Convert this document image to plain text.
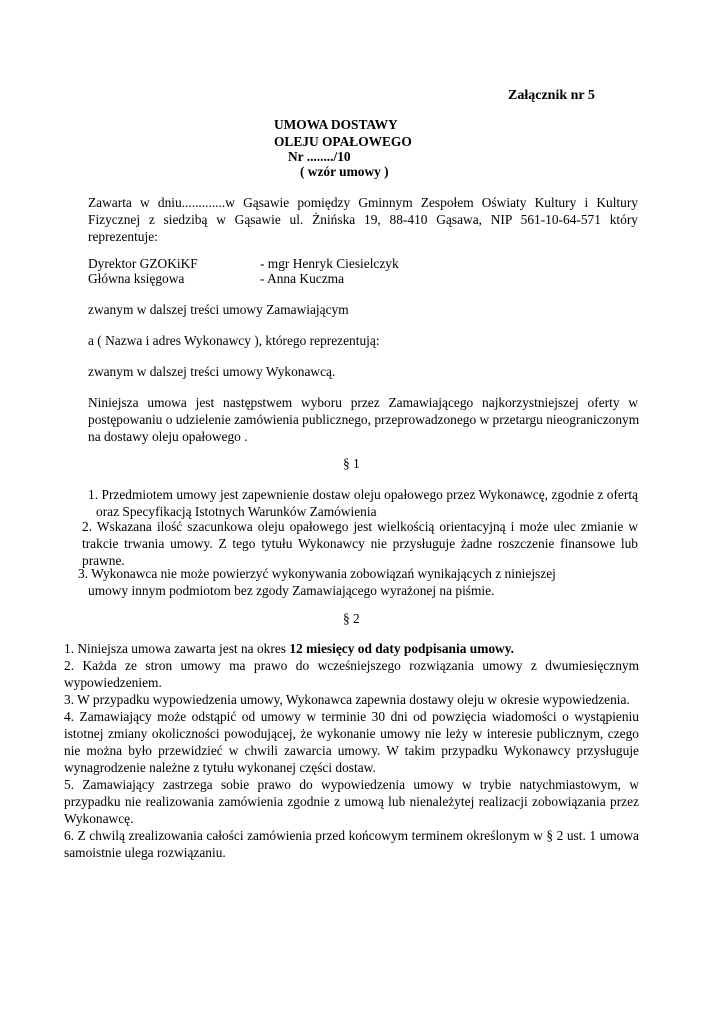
Załącznik nr 5
UMOWA DOSTAWY
OLEJU OPAŁOWEGO
Nr ......../10
( wzór umowy )
Zawarta w dniu.............w Gąsawie pomiędzy Gminnym Zespołem Oświaty Kultury i Kultury
Fizycznej z siedzibą w Gąsawie ul. Żnińska 19, 88-410 Gąsawa, NIP 561-10-64-571 który
reprezentuje:
Dyrektor GZOKiKF	- mgr Henryk Ciesielczyk
Główna księgowa	- Anna Kuczma
zwanym w dalszej treści umowy Zamawiającym
a ( Nazwa i adres Wykonawcy ), którego reprezentują:
zwanym w dalszej treści umowy Wykonawcą.
Niniejsza umowa jest następstwem wyboru przez Zamawiającego najkorzystniejszej oferty w
postępowaniu o udzielenie zamówienia publicznego, przeprowadzonego w przetargu nieograniczonym
na dostawy oleju opałowego .
§ 1
1. Przedmiotem umowy jest zapewnienie dostaw oleju opałowego przez Wykonawcę, zgodnie z ofertą
oraz Specyfikacją Istotnych Warunków Zamówienia
2. Wskazana ilość szacunkowa oleju opałowego jest wielkością orientacyjną i może ulec zmianie w
trakcie trwania umowy. Z tego tytułu Wykonawcy nie przysługuje żadne roszczenie finansowe lub
prawne.
3. Wykonawca nie może powierzyć wykonywania zobowiązań wynikających z niniejszej
umowy innym podmiotom bez zgody Zamawiającego wyrażonej na piśmie.
§ 2
1. Niniejsza umowa zawarta jest na okres 12 miesięcy od daty podpisania umowy.
2. Każda ze stron umowy ma prawo do wcześniejszego rozwiązania umowy z dwumiesięcznym
wypowiedzeniem.
3. W przypadku wypowiedzenia umowy, Wykonawca zapewnia dostawy oleju w okresie wypowiedzenia.
4. Zamawiający może odstąpić od umowy w terminie 30 dni od powzięcia wiadomości o wystąpieniu
istotnej zmiany okoliczności powodującej, że wykonanie umowy nie leży w interesie publicznym, czego
nie można było przewidzieć w chwili zawarcia umowy. W takim przypadku Wykonawcy przysługuje
wynagrodzenie należne z tytułu wykonanej części dostaw.
5. Zamawiający zastrzega sobie prawo do wypowiedzenia umowy w trybie natychmiastowym, w
przypadku nie realizowania zamówienia zgodnie z umową lub nienależytej realizacji zobowiązania przez
Wykonawcę.
6. Z chwilą zrealizowania całości zamówienia przed końcowym terminem określonym w § 2 ust. 1 umowa
samoistnie ulega rozwiązaniu.
